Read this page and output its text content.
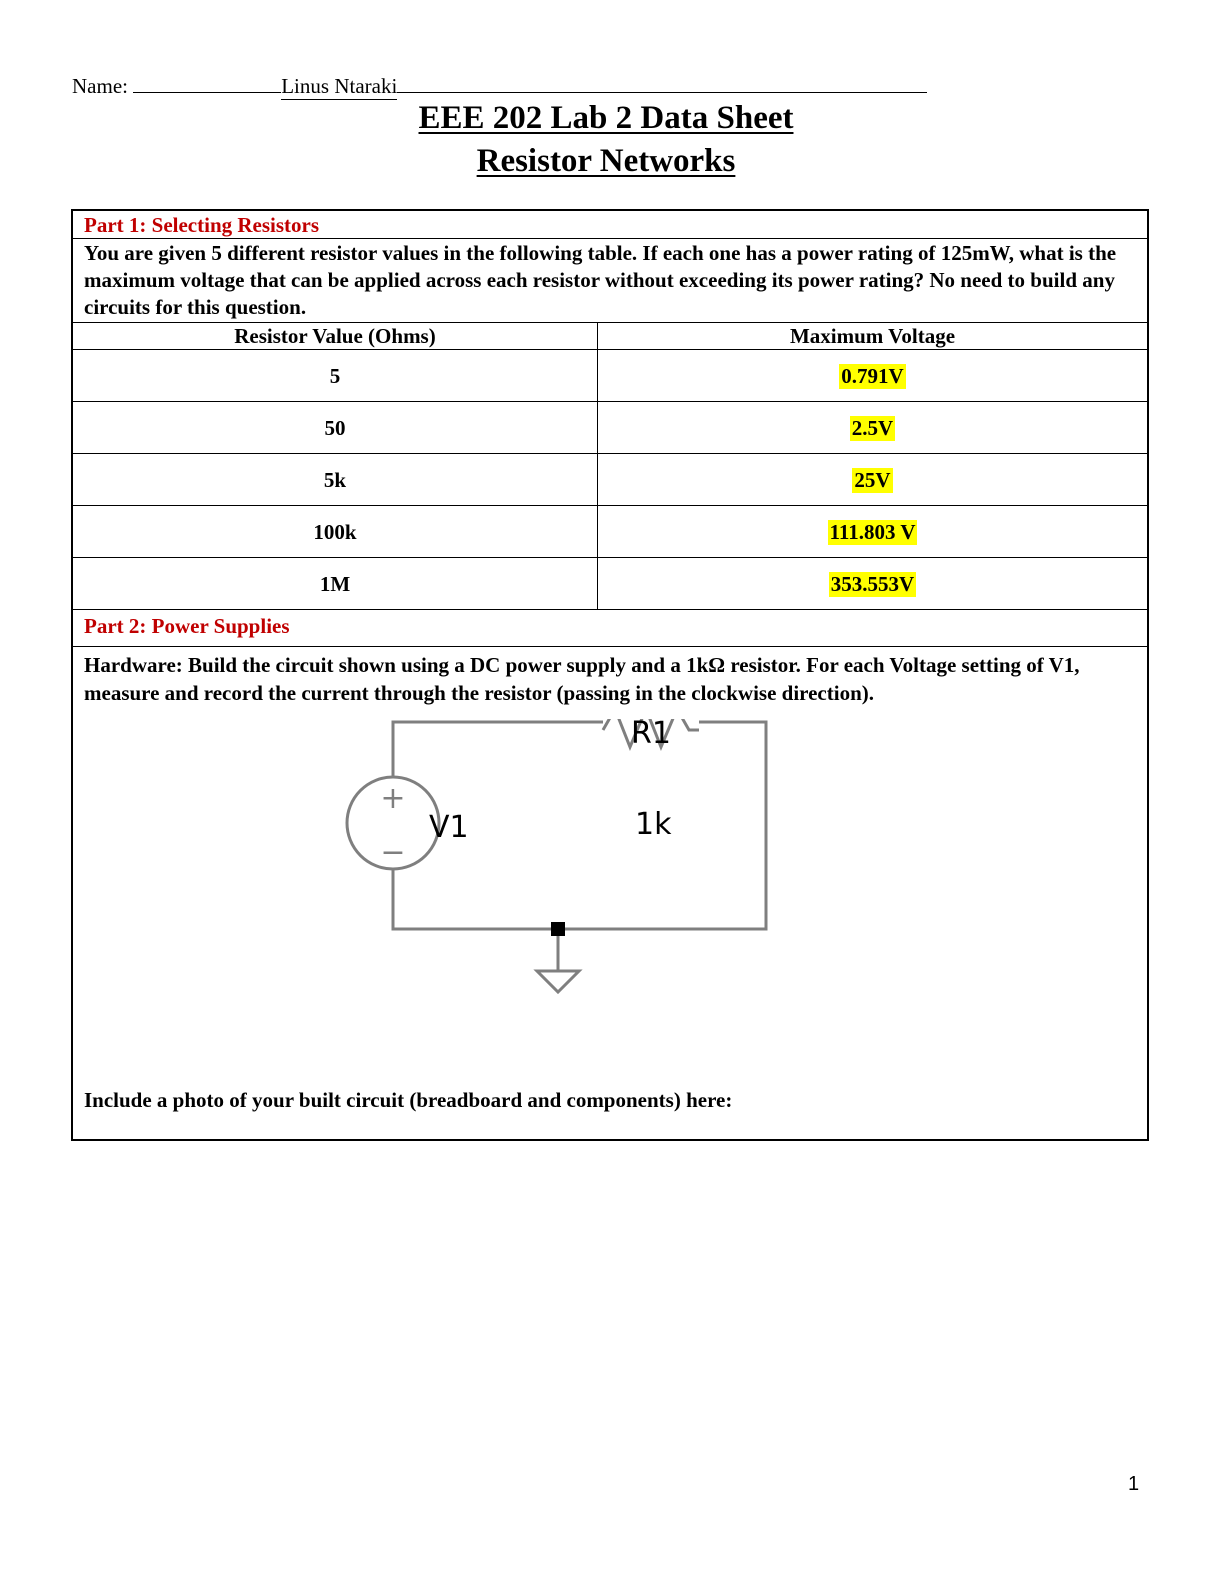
Name:	Linus Ntaraki
EEE 202 Lab 2 Data Sheet
Resistor Networks
Part 1: Selecting Resistors
You are given 5 different resistor values in the following table. If each one has a power rating of 125mW, what is the maximum voltage that can be applied across each resistor without exceeding its power rating? No need to build any circuits for this question.
Resistor Value (Ohms)	Maximum Voltage
5	0.791V
50	2.5V
5k	25V
100k	111.803 V
1M	353.553V
Part 2: Power Supplies
Hardware: Build the circuit shown using a DC power supply and a 1kΩ resistor. For each Voltage setting of V1, measure and record the current through the resistor (passing in the clockwise direction).
+
−
R1
1k
V1
Include a photo of your built circuit (breadboard and components) here:
1
